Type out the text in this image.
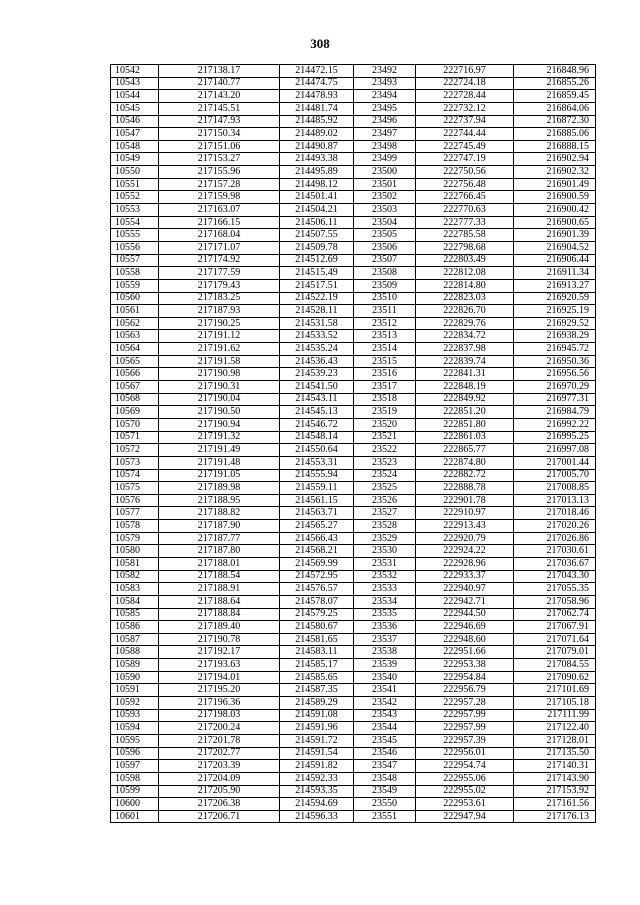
308
10542	217138.17	214472.15	23492	222716.97	216848.96
10543	217140.77	214474.75	23493	222724.18	216855.26
10544	217143.20	214478.93	23494	222728.44	216859.45
10545	217145.51	214481.74	23495	222732.12	216864.06
10546	217147.93	214485.92	23496	222737.94	216872.30
10547	217150.34	214489.02	23497	222744.44	216885.06
10548	217151.06	214490.87	23498	222745.49	216888.15
10549	217153.27	214493.38	23499	222747.19	216902.94
10550	217155.96	214495.89	23500	222750.56	216902.32
10551	217157.28	214498.12	23501	222756.48	216901.49
10552	217159.98	214501.41	23502	222766.45	216900.59
10553	217163.07	214504.21	23503	222770.63	216900.42
10554	217166.15	214506.11	23504	222777.33	216900.65
10555	217168.04	214507.55	23505	222785.58	216901.39
10556	217171.07	214509.78	23506	222798.68	216904.52
10557	217174.92	214512.69	23507	222803.49	216906.44
10558	217177.59	214515.49	23508	222812.08	216911.34
10559	217179.43	214517.51	23509	222814.80	216913.27
10560	217183.25	214522.19	23510	222823.03	216920.59
10561	217187.93	214528.11	23511	222826.70	216925.19
10562	217190.25	214531.58	23512	222829.76	216929.52
10563	217191.12	214533.52	23513	222834.72	216938.29
10564	217191.62	214535.24	23514	222837.98	216945.72
10565	217191.58	214536.43	23515	222839.74	216950.36
10566	217190.98	214539.23	23516	222841.31	216956.56
10567	217190.31	214541.50	23517	222848.19	216970.29
10568	217190.04	214543.11	23518	222849.92	216977.31
10569	217190.50	214545.13	23519	222851.20	216984.79
10570	217190.94	214546.72	23520	222851.80	216992.22
10571	217191.32	214548.14	23521	222861.03	216995.25
10572	217191.49	214550.64	23522	222865.77	216997.08
10573	217191.48	214553.31	23523	222874.80	217001.44
10574	217191.05	214555.94	23524	222882.72	217005.70
10575	217189.98	214559.11	23525	222888.78	217008.85
10576	217188.95	214561.15	23526	222901.78	217013.13
10577	217188.82	214563.71	23527	222910.97	217018.46
10578	217187.90	214565.27	23528	222913.43	217020.26
10579	217187.77	214566.43	23529	222920.79	217026.86
10580	217187.80	214568.21	23530	222924.22	217030.61
10581	217188.01	214569.99	23531	222928.96	217036.67
10582	217188.54	214572.95	23532	222933.37	217043.30
10583	217188.91	214576.57	23533	222940.97	217055.35
10584	217188.64	214578.07	23534	222942.71	217058.96
10585	217188.84	214579.25	23535	222944.50	217062.74
10586	217189.40	214580.67	23536	222946.69	217067.91
10587	217190.78	214581.65	23537	222948.60	217071.64
10588	217192.17	214583.11	23538	222951.66	217079.01
10589	217193.63	214585.17	23539	222953.38	217084.55
10590	217194.01	214585.65	23540	222954.84	217090.62
10591	217195.20	214587.35	23541	222956.79	217101.69
10592	217196.36	214589.29	23542	222957.28	217105.18
10593	217198.03	214591.08	23543	222957.99	217111.99
10594	217200.24	214591.96	23544	222957.99	217122.40
10595	217201.78	214591.72	23545	222957.39	217128.01
10596	217202.77	214591.54	23546	222956.01	217135.50
10597	217203.39	214591.82	23547	222954.74	217140.31
10598	217204.09	214592.33	23548	222955.06	217143.90
10599	217205.90	214593.35	23549	222955.02	217153.92
10600	217206.38	214594.69	23550	222953.61	217161.56
10601	217206.71	214596.33	23551	222947.94	217176.13
